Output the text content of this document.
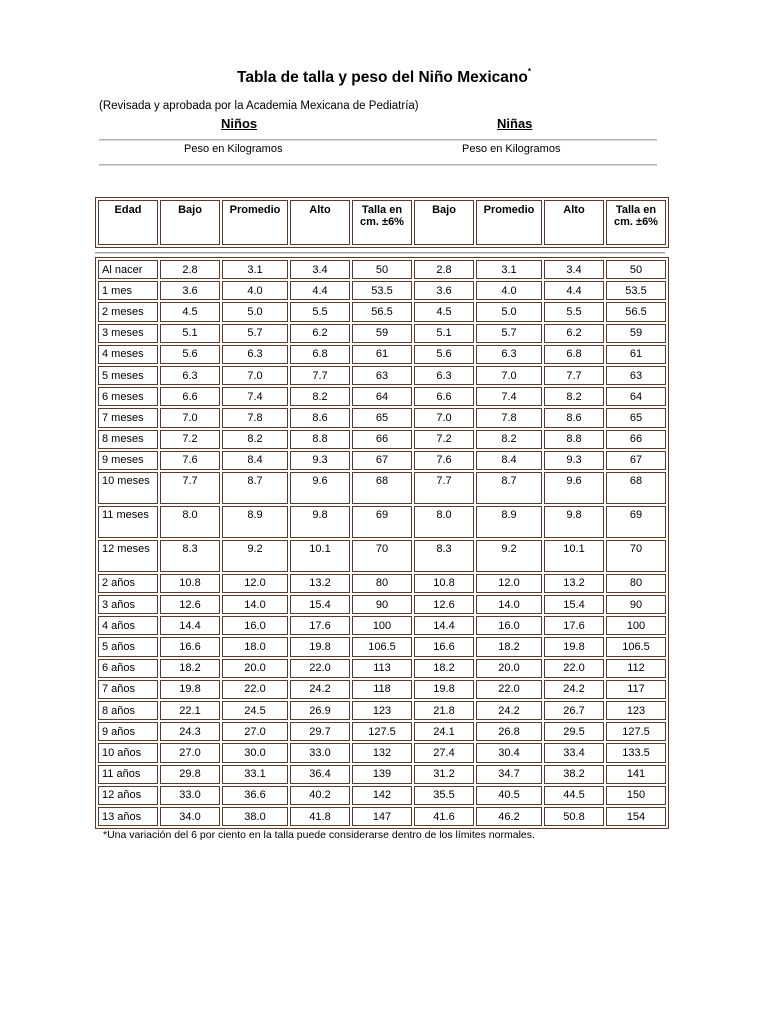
Tabla de talla y peso del Niño Mexicano*
(Revisada y aprobada por la Academia Mexicana de Pediatría)
Niños	Niñas
Peso en Kilogramos	Peso en Kilogramos
Edad	Bajo	Promedio	Alto	Talla en cm. ±6%	Bajo	Promedio	Alto	Talla en cm. ±6%
Al nacer	2.8	3.1	3.4	50	2.8	3.1	3.4	50
1 mes	3.6	4.0	4.4	53.5	3.6	4.0	4.4	53.5
2 meses	4.5	5.0	5.5	56.5	4.5	5.0	5.5	56.5
3 meses	5.1	5.7	6.2	59	5.1	5.7	6.2	59
4 meses	5.6	6.3	6.8	61	5.6	6.3	6.8	61
5 meses	6.3	7.0	7.7	63	6.3	7.0	7.7	63
6 meses	6.6	7.4	8.2	64	6.6	7.4	8.2	64
7 meses	7.0	7.8	8.6	65	7.0	7.8	8.6	65
8 meses	7.2	8.2	8.8	66	7.2	8.2	8.8	66
9 meses	7.6	8.4	9.3	67	7.6	8.4	9.3	67
10 meses	7.7	8.7	9.6	68	7.7	8.7	9.6	68
11 meses	8.0	8.9	9.8	69	8.0	8.9	9.8	69
12 meses	8.3	9.2	10.1	70	8.3	9.2	10.1	70
2 años	10.8	12.0	13.2	80	10.8	12.0	13.2	80
3 años	12.6	14.0	15.4	90	12.6	14.0	15.4	90
4 años	14.4	16.0	17.6	100	14.4	16.0	17.6	100
5 años	16.6	18.0	19.8	106.5	16.6	18.2	19.8	106.5
6 años	18.2	20.0	22.0	113	18.2	20.0	22.0	112
7 años	19.8	22.0	24.2	118	19.8	22.0	24.2	117
8 años	22.1	24.5	26.9	123	21.8	24.2	26.7	123
9 años	24.3	27.0	29.7	127.5	24.1	26.8	29.5	127.5
10 años	27.0	30.0	33.0	132	27.4	30.4	33.4	133.5
11 años	29.8	33.1	36.4	139	31.2	34.7	38.2	141
12 años	33.0	36.6	40.2	142	35.5	40.5	44.5	150
13 años	34.0	38.0	41.8	147	41.6	46.2	50.8	154
*Una variación del 6 por ciento en la talla puede considerarse dentro de los límites normales.
